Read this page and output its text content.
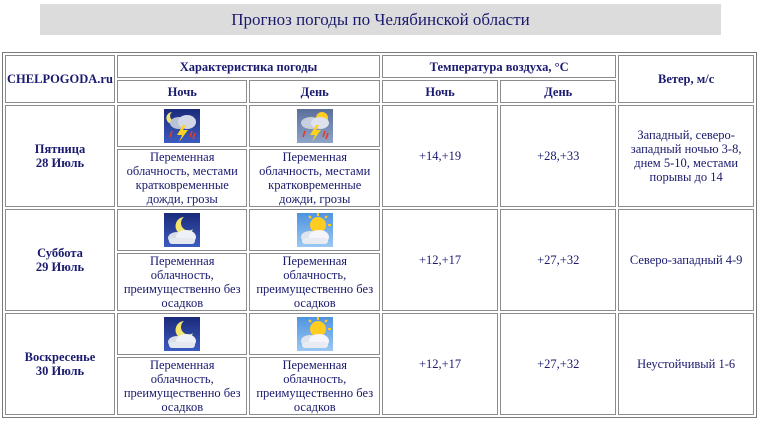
Прогноз погоды по Челябинской области
CHELPOGODA.ru	Характеристика погоды		Температура воздуха, °С		Ветер, м/с
	Ночь	День	Ночь	День	
Пятница
28 Июль			+14,+19	+28,+33	Западный, северо-западный ночью 3-8, днем 5-10, местами порывы до 14
	Переменная облачность, местами кратковременные дожди, грозы	Переменная облачность, местами кратковременные дожди, грозы			
Суббота
29 Июль			+12,+17	+27,+32	Северо-западный 4-9
	Переменная облачность, преимущественно без осадков	Переменная облачность, преимущественно без осадков			
Воскресенье
30 Июль			+12,+17	+27,+32	Неустойчивый 1-6
	Переменная облачность, преимущественно без осадков	Переменная облачность, преимущественно без осадков			
